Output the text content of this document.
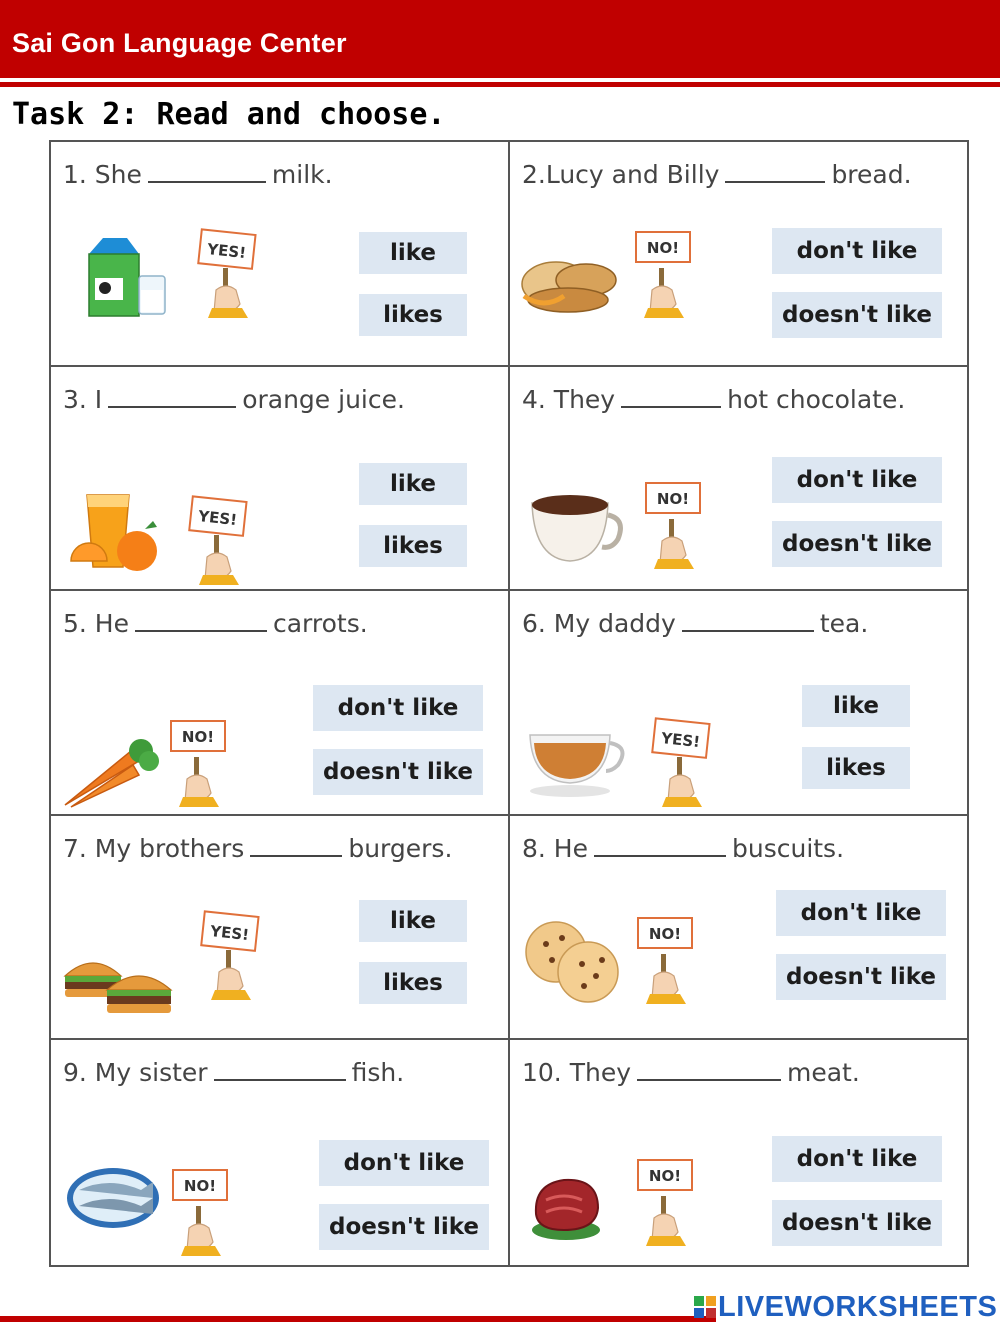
Sai Gon Language Center
Task 2: Read and choose.
1. She	milk.
YES!	like
likes
2.Lucy and Billy	bread.
NO!	don't like
doesn't like
3. I	orange juice.
YES!
like
likes
4. They	hot chocolate.
NO!
don't like
doesn't like
5. He	carrots.
NO!
don't like
doesn't like
6. My daddy	tea.
YES!
like
likes
7. My brothers	burgers.
YES!	like
likes
8. He	buscuits.
NO!
don't like
doesn't like
9. My sister	fish.
NO!
don't like
doesn't like
10. They	meat.
NO!
don't like
doesn't like
LIVEWORKSHEETS
